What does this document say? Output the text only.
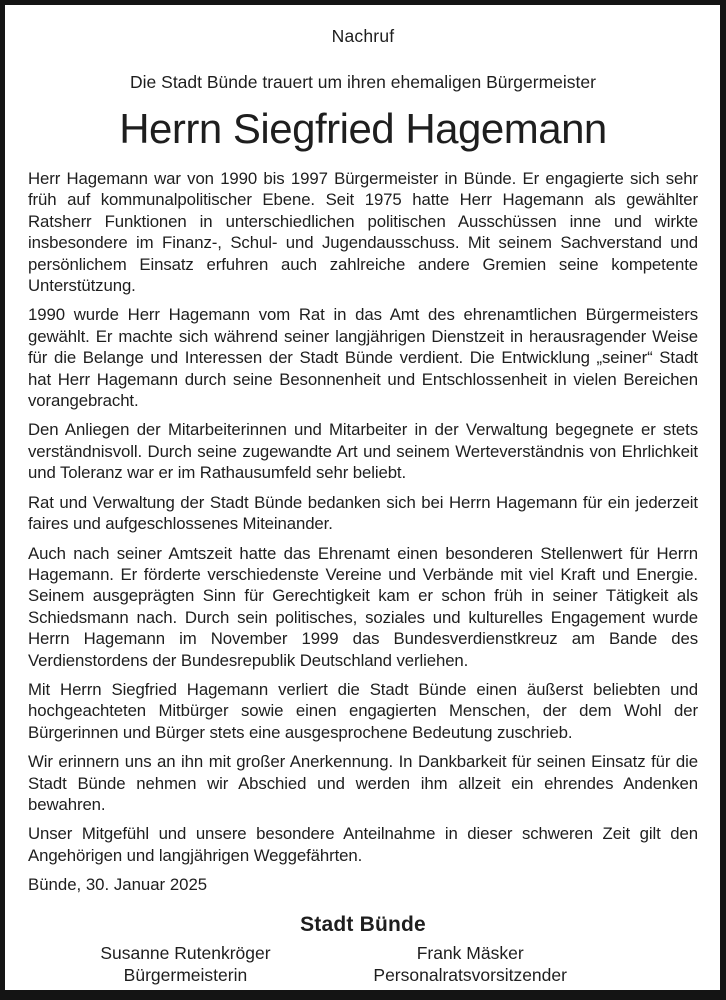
Nachruf
Die Stadt Bünde trauert um ihren ehemaligen Bürgermeister
Herrn Siegfried Hagemann

Herr Hagemann war von 1990 bis 1997 Bürgermeister in Bünde. Er engagierte sich sehr früh auf kommunalpolitischer Ebene. Seit 1975 hatte Herr Hagemann als gewählter Ratsherr Funktionen in unterschiedlichen politischen Ausschüssen inne und wirkte insbesondere im Finanz-, Schul- und Jugendausschuss. Mit seinem Sachverstand und persönlichem Einsatz erfuhren auch zahlreiche andere Gremien seine kompetente Unterstützung.

1990 wurde Herr Hagemann vom Rat in das Amt des ehrenamtlichen Bürgermeisters gewählt. Er machte sich während seiner langjährigen Dienstzeit in herausragender Weise für die Belange und Interessen der Stadt Bünde verdient. Die Entwicklung „seiner“ Stadt hat Herr Hagemann durch seine Besonnenheit und Entschlossenheit in vielen Bereichen vorangebracht.

Den Anliegen der Mitarbeiterinnen und Mitarbeiter in der Verwaltung begegnete er stets verständnisvoll. Durch seine zugewandte Art und seinem Werteverständnis von Ehrlichkeit und Toleranz war er im Rathausumfeld sehr beliebt.

Rat und Verwaltung der Stadt Bünde bedanken sich bei Herrn Hagemann für ein jederzeit faires und aufgeschlossenes Miteinander.

Auch nach seiner Amtszeit hatte das Ehrenamt einen besonderen Stellenwert für Herrn Hagemann. Er förderte verschiedenste Vereine und Verbände mit viel Kraft und Energie. Seinem ausgeprägten Sinn für Gerechtigkeit kam er schon früh in seiner Tätigkeit als Schiedsmann nach. Durch sein politisches, soziales und kulturelles Engagement wurde Herrn Hagemann im November 1999 das Bundesverdienstkreuz am Bande des Verdienstordens der Bundesrepublik Deutschland verliehen.

Mit Herrn Siegfried Hagemann verliert die Stadt Bünde einen äußerst beliebten und hochgeachteten Mitbürger sowie einen engagierten Menschen, der dem Wohl der Bürgerinnen und Bürger stets eine ausgesprochene Bedeutung zuschrieb.

Wir erinnern uns an ihn mit großer Anerkennung. In Dankbarkeit für seinen Einsatz für die Stadt Bünde nehmen wir Abschied und werden ihm allzeit ein ehrendes Andenken bewahren.

Unser Mitgefühl und unsere besondere Anteilnahme in dieser schweren Zeit gilt den Angehörigen und langjährigen Weggefährten.

Bünde, 30. Januar 2025
Stadt Bünde
Susanne Rutenkröger
Bürgermeisterin
Frank Mäsker
Personalratsvorsitzender
